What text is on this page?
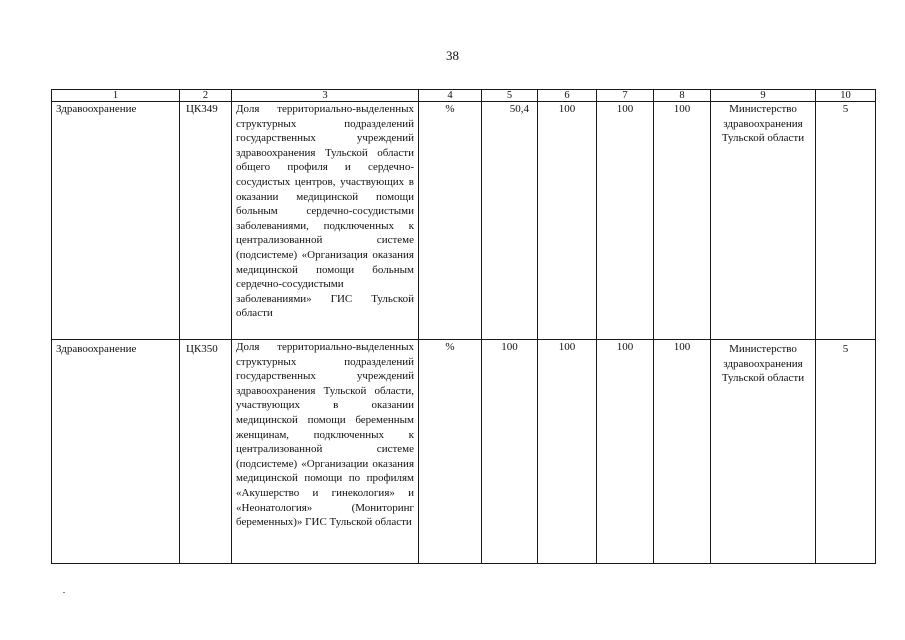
38
1	2	3	4	5	6	7	8	9	10
Здравоохранение	ЦК349	Доля территориально-выделенных структурных подразделений государственных учреждений здравоохранения Тульской области общего профиля и сердечно-сосудистых центров, участвующих в оказании медицинской помощи больным сердечно-сосудистыми заболеваниями, подключенных к централизованной системе (подсистеме) «Организация оказания медицинской помощи больным сердечно-сосудистыми заболеваниями» ГИС Тульской области	%	50,4	100	100	100	Министерство здравоохранения Тульской области	5
Здравоохранение	ЦК350	Доля территориально-выделенных структурных подразделений государственных учреждений здравоохранения Тульской области, участвующих в оказании медицинской помощи беременным женщинам, подключенных к централизованной системе (подсистеме) «Организации оказания медицинской помощи по профилям «Акушерство и гинекология» и «Неонатология» (Мониторинг беременных)» ГИС Тульской области	%	100	100	100	100	Министерство здравоохранения Тульской области	5
